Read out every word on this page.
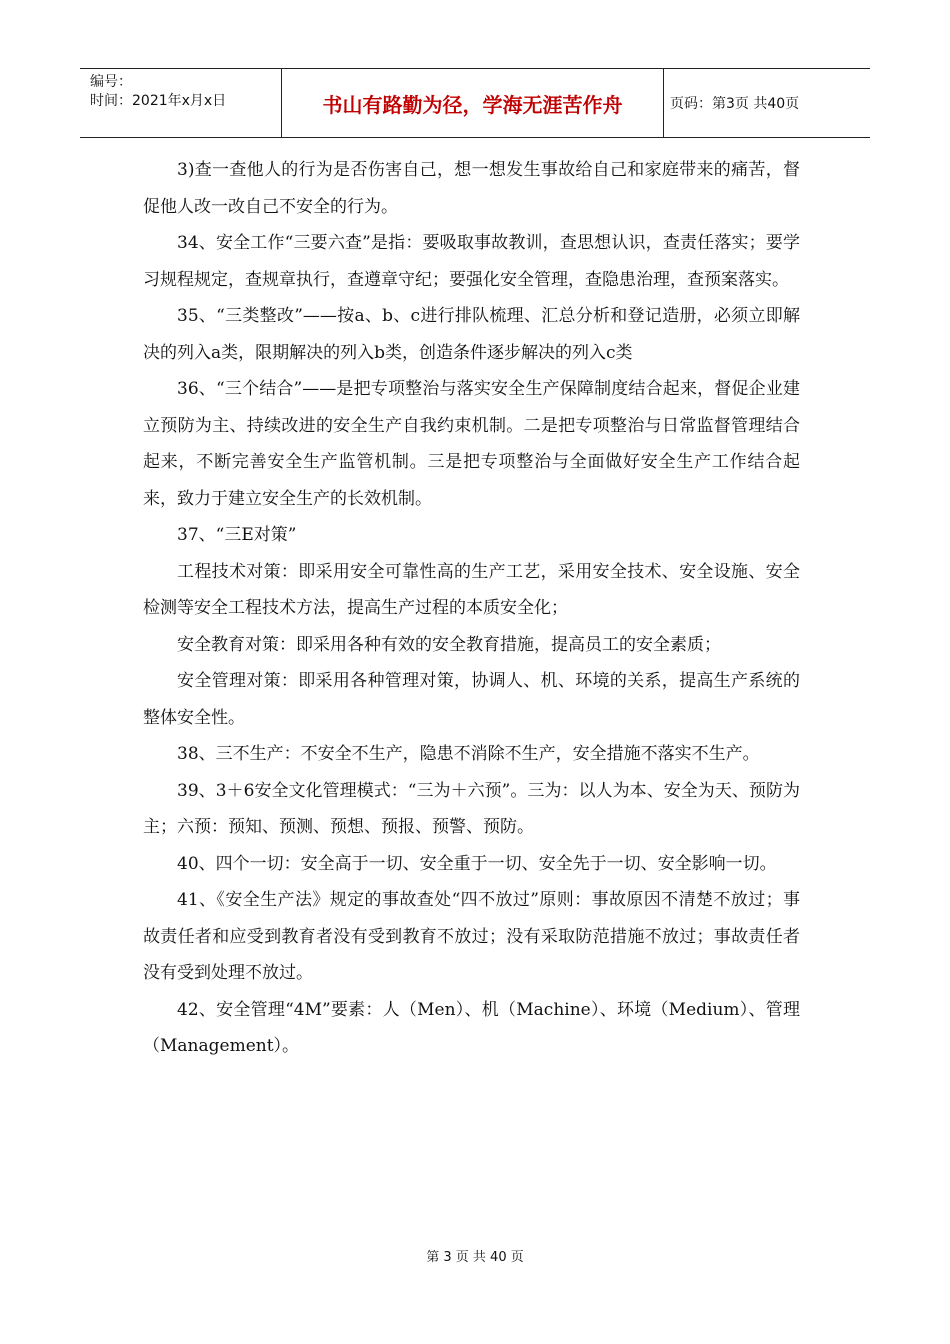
编号：
时间：2021年x月x日	书山有路勤为径，学海无涯苦作舟	页码：第3页 共40页

3)查一查他人的行为是否伤害自己，想一想发生事故给自己和家庭带来的痛苦，督促他人改一改自己不安全的行为。

34、安全工作“三要六查”是指：要吸取事故教训，查思想认识，查责任落实；要学习规程规定，查规章执行，查遵章守纪；要强化安全管理，查隐患治理，查预案落实。

35、“三类整改”——按a、b、c进行排队梳理、汇总分析和登记造册，必须立即解决的列入a类，限期解决的列入b类，创造条件逐步解决的列入c类

36、“三个结合”——是把专项整治与落实安全生产保障制度结合起来，督促企业建立预防为主、持续改进的安全生产自我约束机制。二是把专项整治与日常监督管理结合起来，不断完善安全生产监管机制。三是把专项整治与全面做好安全生产工作结合起来，致力于建立安全生产的长效机制。

37、“三E对策”

工程技术对策：即采用安全可靠性高的生产工艺，采用安全技术、安全设施、安全检测等安全工程技术方法，提高生产过程的本质安全化；

安全教育对策：即采用各种有效的安全教育措施，提高员工的安全素质；

安全管理对策：即采用各种管理对策，协调人、机、环境的关系，提高生产系统的整体安全性。

38、三不生产：不安全不生产，隐患不消除不生产，安全措施不落实不生产。

39、3＋6安全文化管理模式：“三为＋六预”。三为：以人为本、安全为天、预防为主；六预：预知、预测、预想、预报、预警、预防。

40、四个一切：安全高于一切、安全重于一切、安全先于一切、安全影响一切。

41、《安全生产法》规定的事故查处“四不放过”原则：事故原因不清楚不放过；事故责任者和应受到教育者没有受到教育不放过；没有采取防范措施不放过；事故责任者没有受到处理不放过。

42、安全管理“4M”要素：人（Men）、机（Machine）、环境（Medium）、管理（Management）。

第 3 页 共 40 页
